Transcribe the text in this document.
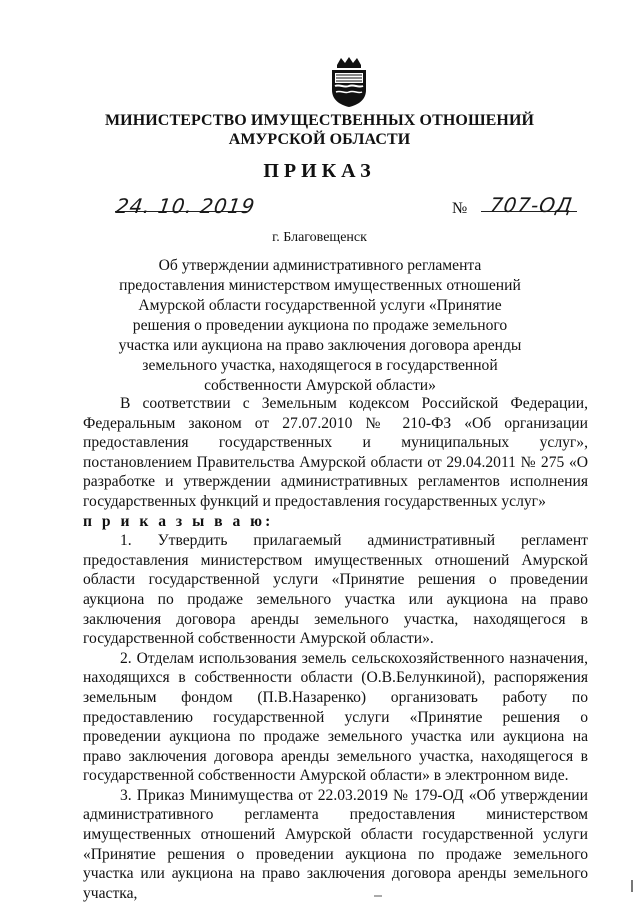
МИНИСТЕРСТВО ИМУЩЕСТВЕННЫХ ОТНОШЕНИЙ
АМУРСКОЙ ОБЛАСТИ
ПРИКАЗ
24. 10. 2019	№ 707-ОД
г. Благовещенск
Об утверждении административного регламента предоставления министерством имущественных отношений Амурской области государственной услуги «Принятие решения о проведении аукциона по продаже земельного участка или аукциона на право заключения договора аренды земельного участка, находящегося в государственной собственности Амурской области»

В соответствии с Земельным кодексом Российской Федерации, Федеральным законом от 27.07.2010 № 210-ФЗ «Об организации предоставления государственных и муниципальных услуг», постановлением Правительства Амурской области от 29.04.2011 № 275 «О разработке и утверждении административных регламентов исполнения государственных функций и предоставления государственных услуг»

п р и к а з ы в а ю:

1. Утвердить прилагаемый административный регламент предоставления министерством имущественных отношений Амурской области государственной услуги «Принятие решения о проведении аукциона по продаже земельного участка или аукциона на право заключения договора аренды земельного участка, находящегося в государственной собственности Амурской области».

2. Отделам использования земель сельскохозяйственного назначения, находящихся в собственности области (О.В.Белункиной), распоряжения земельным фондом (П.В.Назаренко) организовать работу по предоставлению государственной услуги «Принятие решения о проведении аукциона по продаже земельного участка или аукциона на право заключения договора аренды земельного участка, находящегося в государственной собственности Амурской области» в электронном виде.

3. Приказ Минимущества от 22.03.2019 № 179-ОД «Об утверждении административного регламента предоставления министерством имущественных отношений Амурской области государственной услуги «Принятие решения о проведении аукциона по продаже земельного участка или аукциона на право заключения договора аренды земельного участка,
